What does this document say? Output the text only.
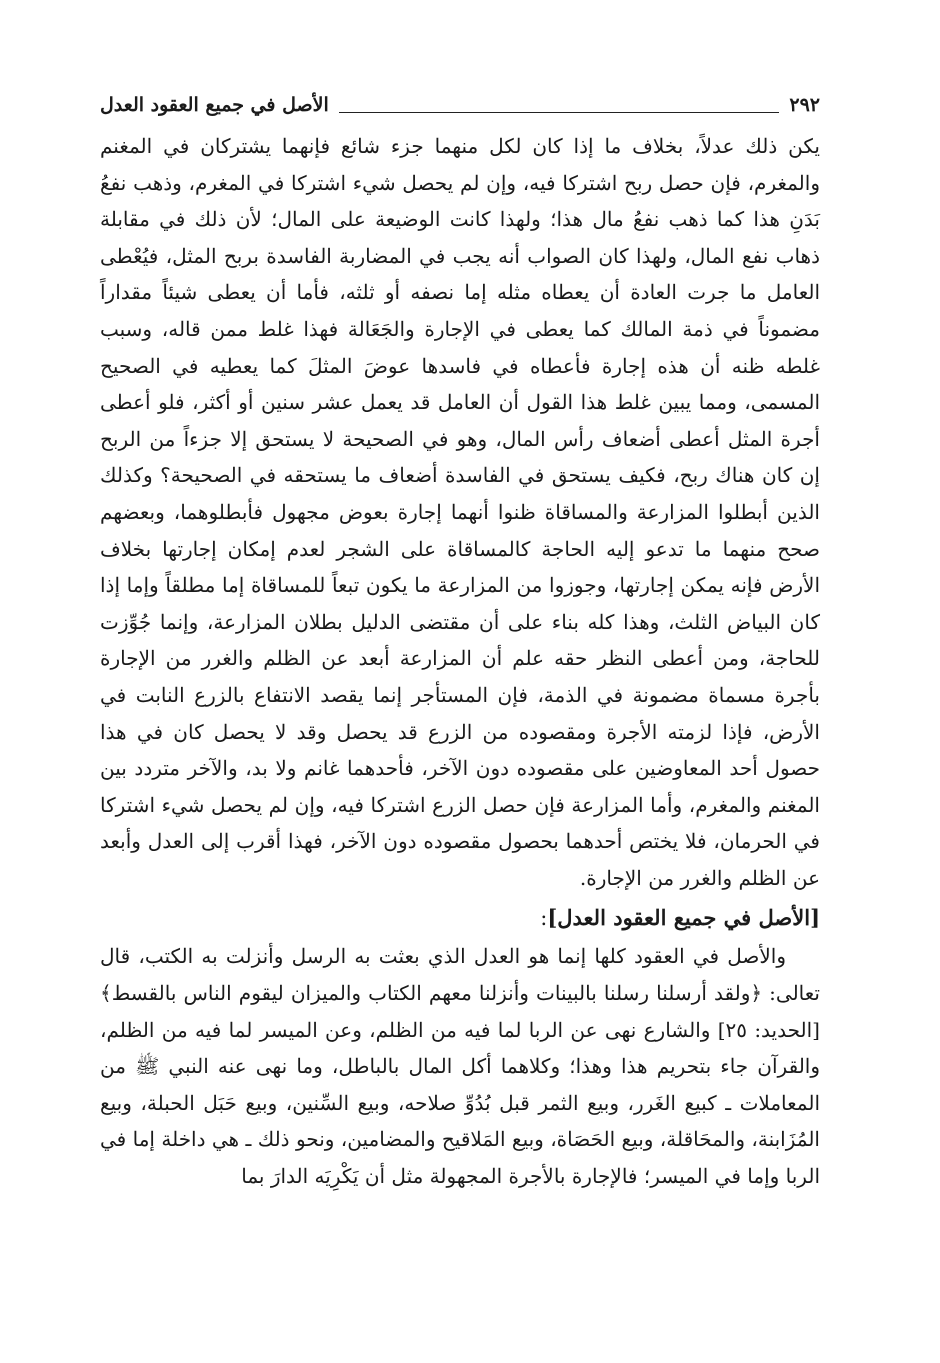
٢٩٢
الأصل في جميع العقود العدل

يكن ذلك عدلاً، بخلاف ما إذا كان لكل منهما جزء شائع فإنهما يشتركان في المغنم والمغرم، فإن حصل ربح اشتركا فيه، وإن لم يحصل شيء اشتركا في المغرم، وذهب نفعُ بَدَنِ هذا كما ذهب نفعُ مال هذا؛ ولهذا كانت الوضيعة على المال؛ لأن ذلك في مقابلة ذهاب نفع المال، ولهذا كان الصواب أنه يجب في المضاربة الفاسدة بربح المثل، فيُعْطى العامل ما جرت العادة أن يعطاه مثله إما نصفه أو ثلثه، فأما أن يعطى شيئاً مقداراً مضموناً في ذمة المالك كما يعطى في الإجارة والجَعَالة فهذا غلط ممن قاله، وسبب غلطه ظنه أن هذه إجارة فأعطاه في فاسدها عوضَ المثلَ كما يعطيه في الصحيح المسمى، ومما يبين غلط هذا القول أن العامل قد يعمل عشر سنين أو أكثر، فلو أعطى أجرة المثل أعطى أضعاف رأس المال، وهو في الصحيحة لا يستحق إلا جزءاً من الربح إن كان هناك ربح، فكيف يستحق في الفاسدة أضعاف ما يستحقه في الصحيحة؟ وكذلك الذين أبطلوا المزارعة والمساقاة ظنوا أنهما إجارة بعوض مجهول فأبطلوهما، وبعضهم صحح منهما ما تدعو إليه الحاجة كالمساقاة على الشجر لعدم إمكان إجارتها بخلاف الأرض فإنه يمكن إجارتها، وجوزوا من المزارعة ما يكون تبعاً للمساقاة إما مطلقاً وإما إذا كان البياض الثلث، وهذا كله بناء على أن مقتضى الدليل بطلان المزارعة، وإنما جُوِّزت للحاجة، ومن أعطى النظر حقه علم أن المزارعة أبعد عن الظلم والغرر من الإجارة بأجرة مسماة مضمونة في الذمة، فإن المستأجر إنما يقصد الانتفاع بالزرع النابت في الأرض، فإذا لزمته الأجرة ومقصوده من الزرع قد يحصل وقد لا يحصل كان في هذا حصول أحد المعاوضين على مقصوده دون الآخر، فأحدهما غانم ولا بد، والآخر متردد بين المغنم والمغرم، وأما المزارعة فإن حصل الزرع اشتركا فيه، وإن لم يحصل شيء اشتركا في الحرمان، فلا يختص أحدهما بحصول مقصوده دون الآخر، فهذا أقرب إلى العدل وأبعد عن الظلم والغرر من الإجارة.

[الأصل في جميع العقود العدل]:

والأصل في العقود كلها إنما هو العدل الذي بعثت به الرسل وأنزلت به الكتب، قال تعالى: ﴿ولقد أرسلنا رسلنا بالبينات وأنزلنا معهم الكتاب والميزان ليقوم الناس بالقسط﴾ [الحديد: ٢٥] والشارع نهى عن الربا لما فيه من الظلم، وعن الميسر لما فيه من الظلم، والقرآن جاء بتحريم هذا وهذا؛ وكلاهما أكل المال بالباطل، وما نهى عنه النبي ﷺ من المعاملات ـ كبيع الغَرر، وبيع الثمر قبل بُدُوِّ صلاحه، وبيع السِّنين، وبيع حَبَل الحبلة، وبيع المُزَابنة، والمحَاقلة، وبيع الحَصَاة، وبيع المَلاقيح والمضامين، ونحو ذلك ـ هي داخلة إما في الربا وإما في الميسر؛ فالإجارة بالأجرة المجهولة مثل أن يَكْرِيَه الدارَ بما
